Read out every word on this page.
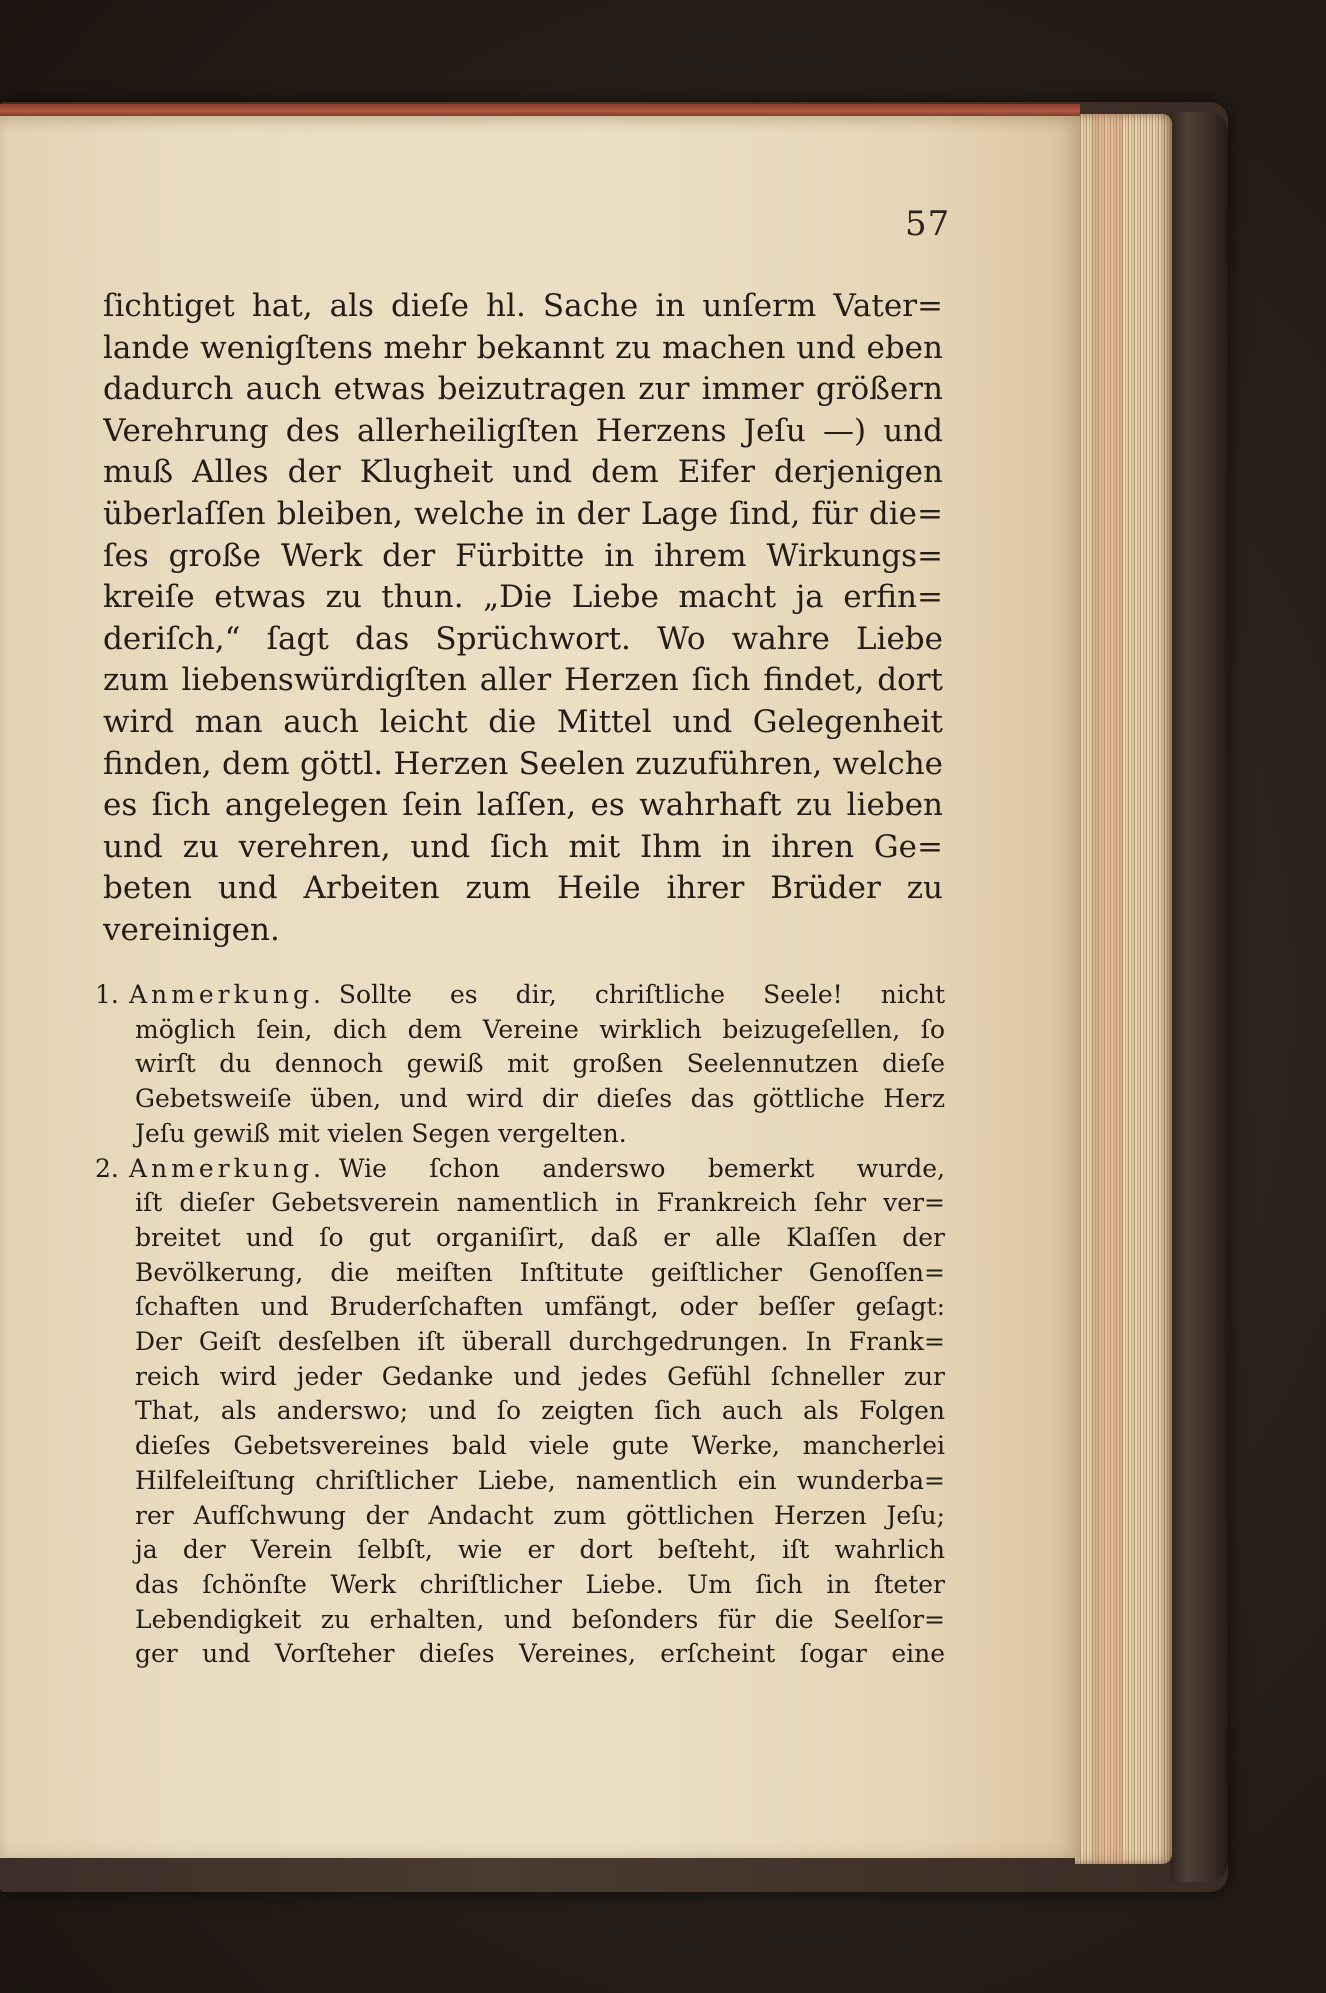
57
ſichtiget hat, als dieſe hl. Sache in unſerm Vater=
lande wenigſtens mehr bekannt zu machen und eben
dadurch auch etwas beizutragen zur immer größern
Verehrung des allerheiligſten Herzens Jeſu —) und
muß Alles der Klugheit und dem Eifer derjenigen
überlaſſen bleiben, welche in der Lage ſind, für die=
ſes große Werk der Fürbitte in ihrem Wirkungs=
kreiſe etwas zu thun. „Die Liebe macht ja erfin=
deriſch,“ ſagt das Sprüchwort. Wo wahre Liebe
zum liebenswürdigſten aller Herzen ſich findet, dort
wird man auch leicht die Mittel und Gelegenheit
finden, dem göttl. Herzen Seelen zuzuführen, welche
es ſich angelegen ſein laſſen, es wahrhaft zu lieben
und zu verehren, und ſich mit Ihm in ihren Ge=
beten und Arbeiten zum Heile ihrer Brüder zu
vereinigen.
1. Anmerkung. Sollte es dir, chriſtliche Seele! nicht
möglich ſein, dich dem Vereine wirklich beizugeſellen, ſo
wirſt du dennoch gewiß mit großen Seelennutzen dieſe
Gebetsweiſe üben, und wird dir dieſes das göttliche Herz
Jeſu gewiß mit vielen Segen vergelten.
2. Anmerkung. Wie ſchon anderswo bemerkt wurde,
iſt dieſer Gebetsverein namentlich in Frankreich ſehr ver=
breitet und ſo gut organiſirt, daß er alle Klaſſen der
Bevölkerung, die meiſten Inſtitute geiſtlicher Genoſſen=
ſchaften und Bruderſchaften umfängt, oder beſſer geſagt:
Der Geiſt desſelben iſt überall durchgedrungen. In Frank=
reich wird jeder Gedanke und jedes Gefühl ſchneller zur
That, als anderswo; und ſo zeigten ſich auch als Folgen
dieſes Gebetsvereines bald viele gute Werke, mancherlei
Hilfeleiſtung chriſtlicher Liebe, namentlich ein wunderba=
rer Aufſchwung der Andacht zum göttlichen Herzen Jeſu;
ja der Verein ſelbſt, wie er dort beſteht, iſt wahrlich
das ſchönſte Werk chriſtlicher Liebe. Um ſich in ſteter
Lebendigkeit zu erhalten, und beſonders für die Seelſor=
ger und Vorſteher dieſes Vereines, erſcheint ſogar eine
